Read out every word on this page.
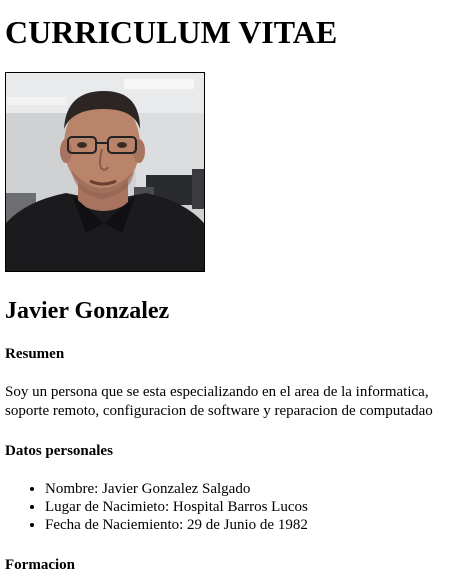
CURRICULUM VITAE
Javier Gonzalez
Resumen

Soy un persona que se esta especializando en el area de la informatica,
soporte remoto, configuracion de software y reparacion de computadao

Datos personales
• Nombre: Javier Gonzalez Salgado
• Lugar de Nacimieto: Hospital Barros Lucos
• Fecha de Naciemiento: 29 de Junio de 1982
Formacion
